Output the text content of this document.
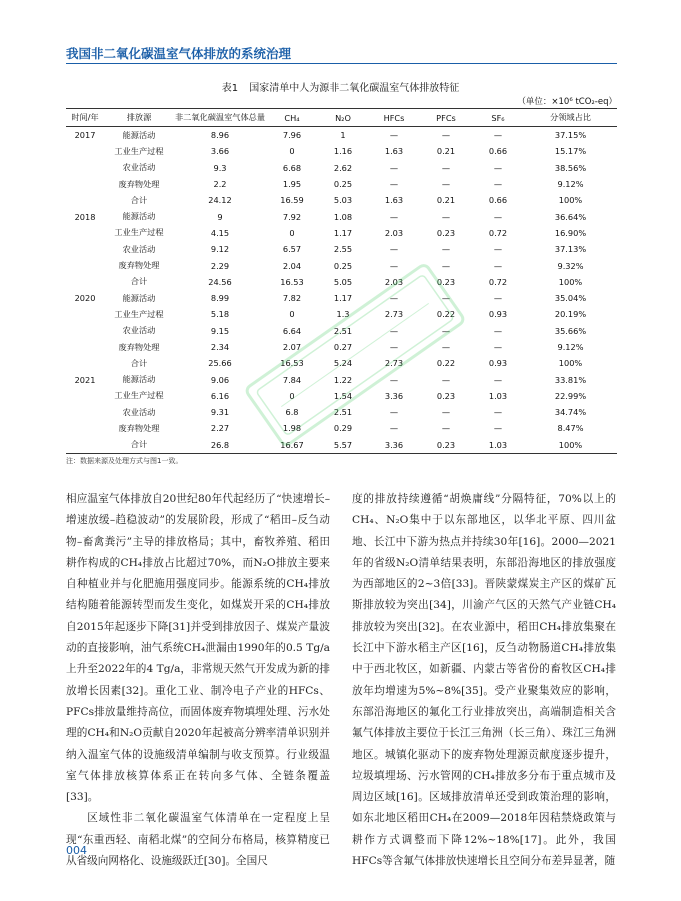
我国非二氧化碳温室气体排放的系统治理
表1 国家清单中人为源非二氧化碳温室气体排放特征
（单位：×10⁶ tCO₂-eq）
时间/年	排放源	非二氧化碳温室气体总量	CH₄	N₂O	HFCs	PFCs	SF₆	分领域占比
2017	能源活动	8.96	7.96	1	—	—	—	37.15%
	工业生产过程	3.66	0	1.16	1.63	0.21	0.66	15.17%
	农业活动	9.3	6.68	2.62	—	—	—	38.56%
	废弃物处理	2.2	1.95	0.25	—	—	—	9.12%
	合计	24.12	16.59	5.03	1.63	0.21	0.66	100%
2018	能源活动	9	7.92	1.08	—	—	—	36.64%
	工业生产过程	4.15	0	1.17	2.03	0.23	0.72	16.90%
	农业活动	9.12	6.57	2.55	—	—	—	37.13%
	废弃物处理	2.29	2.04	0.25	—	—	—	9.32%
	合计	24.56	16.53	5.05	2.03	0.23	0.72	100%
2020	能源活动	8.99	7.82	1.17	—	—	—	35.04%
	工业生产过程	5.18	0	1.3	2.73	0.22	0.93	20.19%
	农业活动	9.15	6.64	2.51	—	—	—	35.66%
	废弃物处理	2.34	2.07	0.27	—	—	—	9.12%
	合计	25.66	16.53	5.24	2.73	0.22	0.93	100%
2021	能源活动	9.06	7.84	1.22	—	—	—	33.81%
	工业生产过程	6.16	0	1.54	3.36	0.23	1.03	22.99%
	农业活动	9.31	6.8	2.51	—	—	—	34.74%
	废弃物处理	2.27	1.98	0.29	—	—	—	8.47%
	合计	26.8	16.67	5.57	3.36	0.23	1.03	100%
注：数据来源及处理方式与图1一致。

相应温室气体排放自20世纪80年代起经历了“快速增长–增速放缓–趋稳波动”的发展阶段，形成了“稻田–反刍动物–畜禽粪污”主导的排放格局；其中，畜牧养殖、稻田耕作构成的CH₄排放占比超过70%，而N₂O排放主要来自种植业并与化肥施用强度同步。能源系统的CH₄排放结构随着能源转型而发生变化，如煤炭开采的CH₄排放自2015年起逐步下降[31]并受到排放因子、煤炭产量波动的直接影响，油气系统CH₄泄漏由1990年的0.5 Tg/a上升至2022年的4 Tg/a，非常规天然气开发成为新的排放增长因素[32]。重化工业、制冷电子产业的HFCs、PFCs排放量维持高位，而固体废弃物填埋处理、污水处理的CH₄和N₂O贡献自2020年起被高分辨率清单识别并纳入温室气体的设施级清单编制与收支预算。行业级温室气体排放核算体系正在转向多气体、全链条覆盖[33]。

区域性非二氧化碳温室气体清单在一定程度上呈现“东重西轻、南稻北煤”的空间分布格局，核算精度已从省级向网格化、设施级跃迁[30]。全国尺

度的排放持续遵循“胡焕庸线”分隔特征，70%以上的CH₄、N₂O集中于以东部地区，以华北平原、四川盆地、长江中下游为热点并持续30年[16]。2000—2021年的省级N₂O清单结果表明，东部沿海地区的排放强度为西部地区的2~3倍[33]。晋陕蒙煤炭主产区的煤矿瓦斯排放较为突出[34]，川渝产气区的天然气产业链CH₄排放较为突出[32]。在农业源中，稻田CH₄排放集聚在长江中下游水稻主产区[16]，反刍动物肠道CH₄排放集中于西北牧区，如新疆、内蒙古等省份的畜牧区CH₄排放年均增速为5%~8%[35]。受产业聚集效应的影响，东部沿海地区的氟化工行业排放突出，高端制造相关含氟气体排放主要位于长江三角洲（长三角）、珠江三角洲地区。城镇化驱动下的废弃物处理源贡献度逐步提升，垃圾填埋场、污水管网的CH₄排放多分布于重点城市及周边区域[16]。区域排放清单还受到政策治理的影响，如东北地区稻田CH₄在2009—2018年因秸禁烧政策与耕作方式调整而下降12%~18%[17]。此外，我国HFCs等含氟气体排放快速增长且空间分布差异显著，随

004
